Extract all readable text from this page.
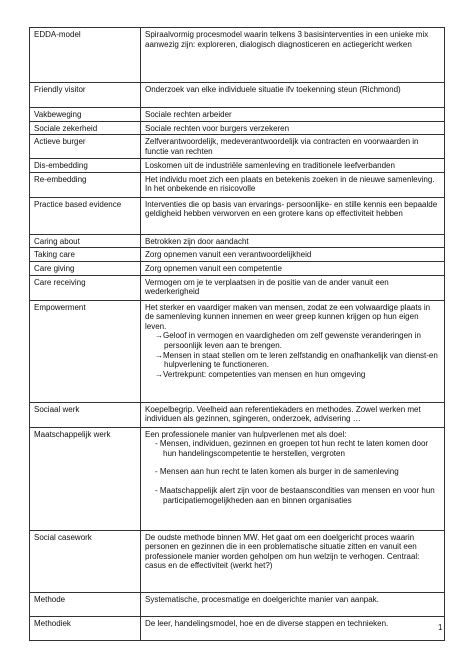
EDDA-model	Spiraalvormig procesmodel waarin telkens 3 basisinterventies in een unieke mix aanwezig zijn: exploreren, dialogisch diagnosticeren en actiegericht werken
Friendly visitor	Onderzoek van elke individuele situatie ifv toekenning steun (Richmond)
Vakbeweging	Sociale rechten arbeider
Sociale zekerheid	Sociale rechten voor burgers verzekeren
Actieve burger	Zelfverantwoordelijk, medeverantwoordelijk via contracten en voorwaarden in functie van rechten
Dis-embedding	Loskomen uit de industriële samenleving en traditionele leefverbanden
Re-embedding	Het individu moet zich een plaats en betekenis zoeken in de nieuwe samenleving. In het onbekende en risicovolle
Practice based evidence	Interventies die op basis van ervarings- persoonlijke- en stille kennis een bepaalde geldigheid hebben verworven en een grotere kans op effectiviteit hebben
Caring about	Betrokken zijn door aandacht
Taking care	Zorg opnemen vanuit een verantwoordelijkheid
Care giving	Zorg opnemen vanuit een competentie
Care receiving	Vermogen om je te verplaatsen in de positie van de ander vanuit een wederkerigheid
Empowerment	Het sterker en vaardiger maken van mensen, zodat ze een volwaardige plaats in de samenleving kunnen innemen en weer greep kunnen krijgen op hun eigen leven.
→Geloof in vermogen en vaardigheden om zelf gewenste veranderingen in persoonlijk leven aan te brengen.
→Mensen in staat stellen om te leren zelfstandig en onafhankelijk van dienst-en hulpverlening te functioneren.
→Vertrekpunt: competenties van mensen en hun omgeving

Sociaal werk	Koepelbegrip. Veelheid aan referentiekaders en methodes. Zowel werken met individuen als gezinnen, sgingeren, onderzoek, advisering …
Maatschappelijk werk	Een professionele manier van hulpverlenen met als doel:
- Mensen, individuen, gezinnen en groepen tot hun recht te laten komen door hun handelingscompetentie te herstellen, vergroten
- Mensen aan hun recht te laten komen als burger in de samenleving
- Maatschappelijk alert zijn voor de bestaanscondities van mensen en voor hun participatiemogelijkheden aan en binnen organisaties

Social casework	De oudste methode binnen MW. Het gaat om een doelgericht proces waarin personen en gezinnen die in een problematische situatie zitten en vanuit een professionele manier worden geholpen om hun welzijn te verhogen. Centraal: casus en de effectiviteit (werkt het?)
Methode	Systematische, procesmatige en doelgerichte manier van aanpak.
Methodiek	De leer, handelingsmodel, hoe en de diverse stappen en technieken.	1
